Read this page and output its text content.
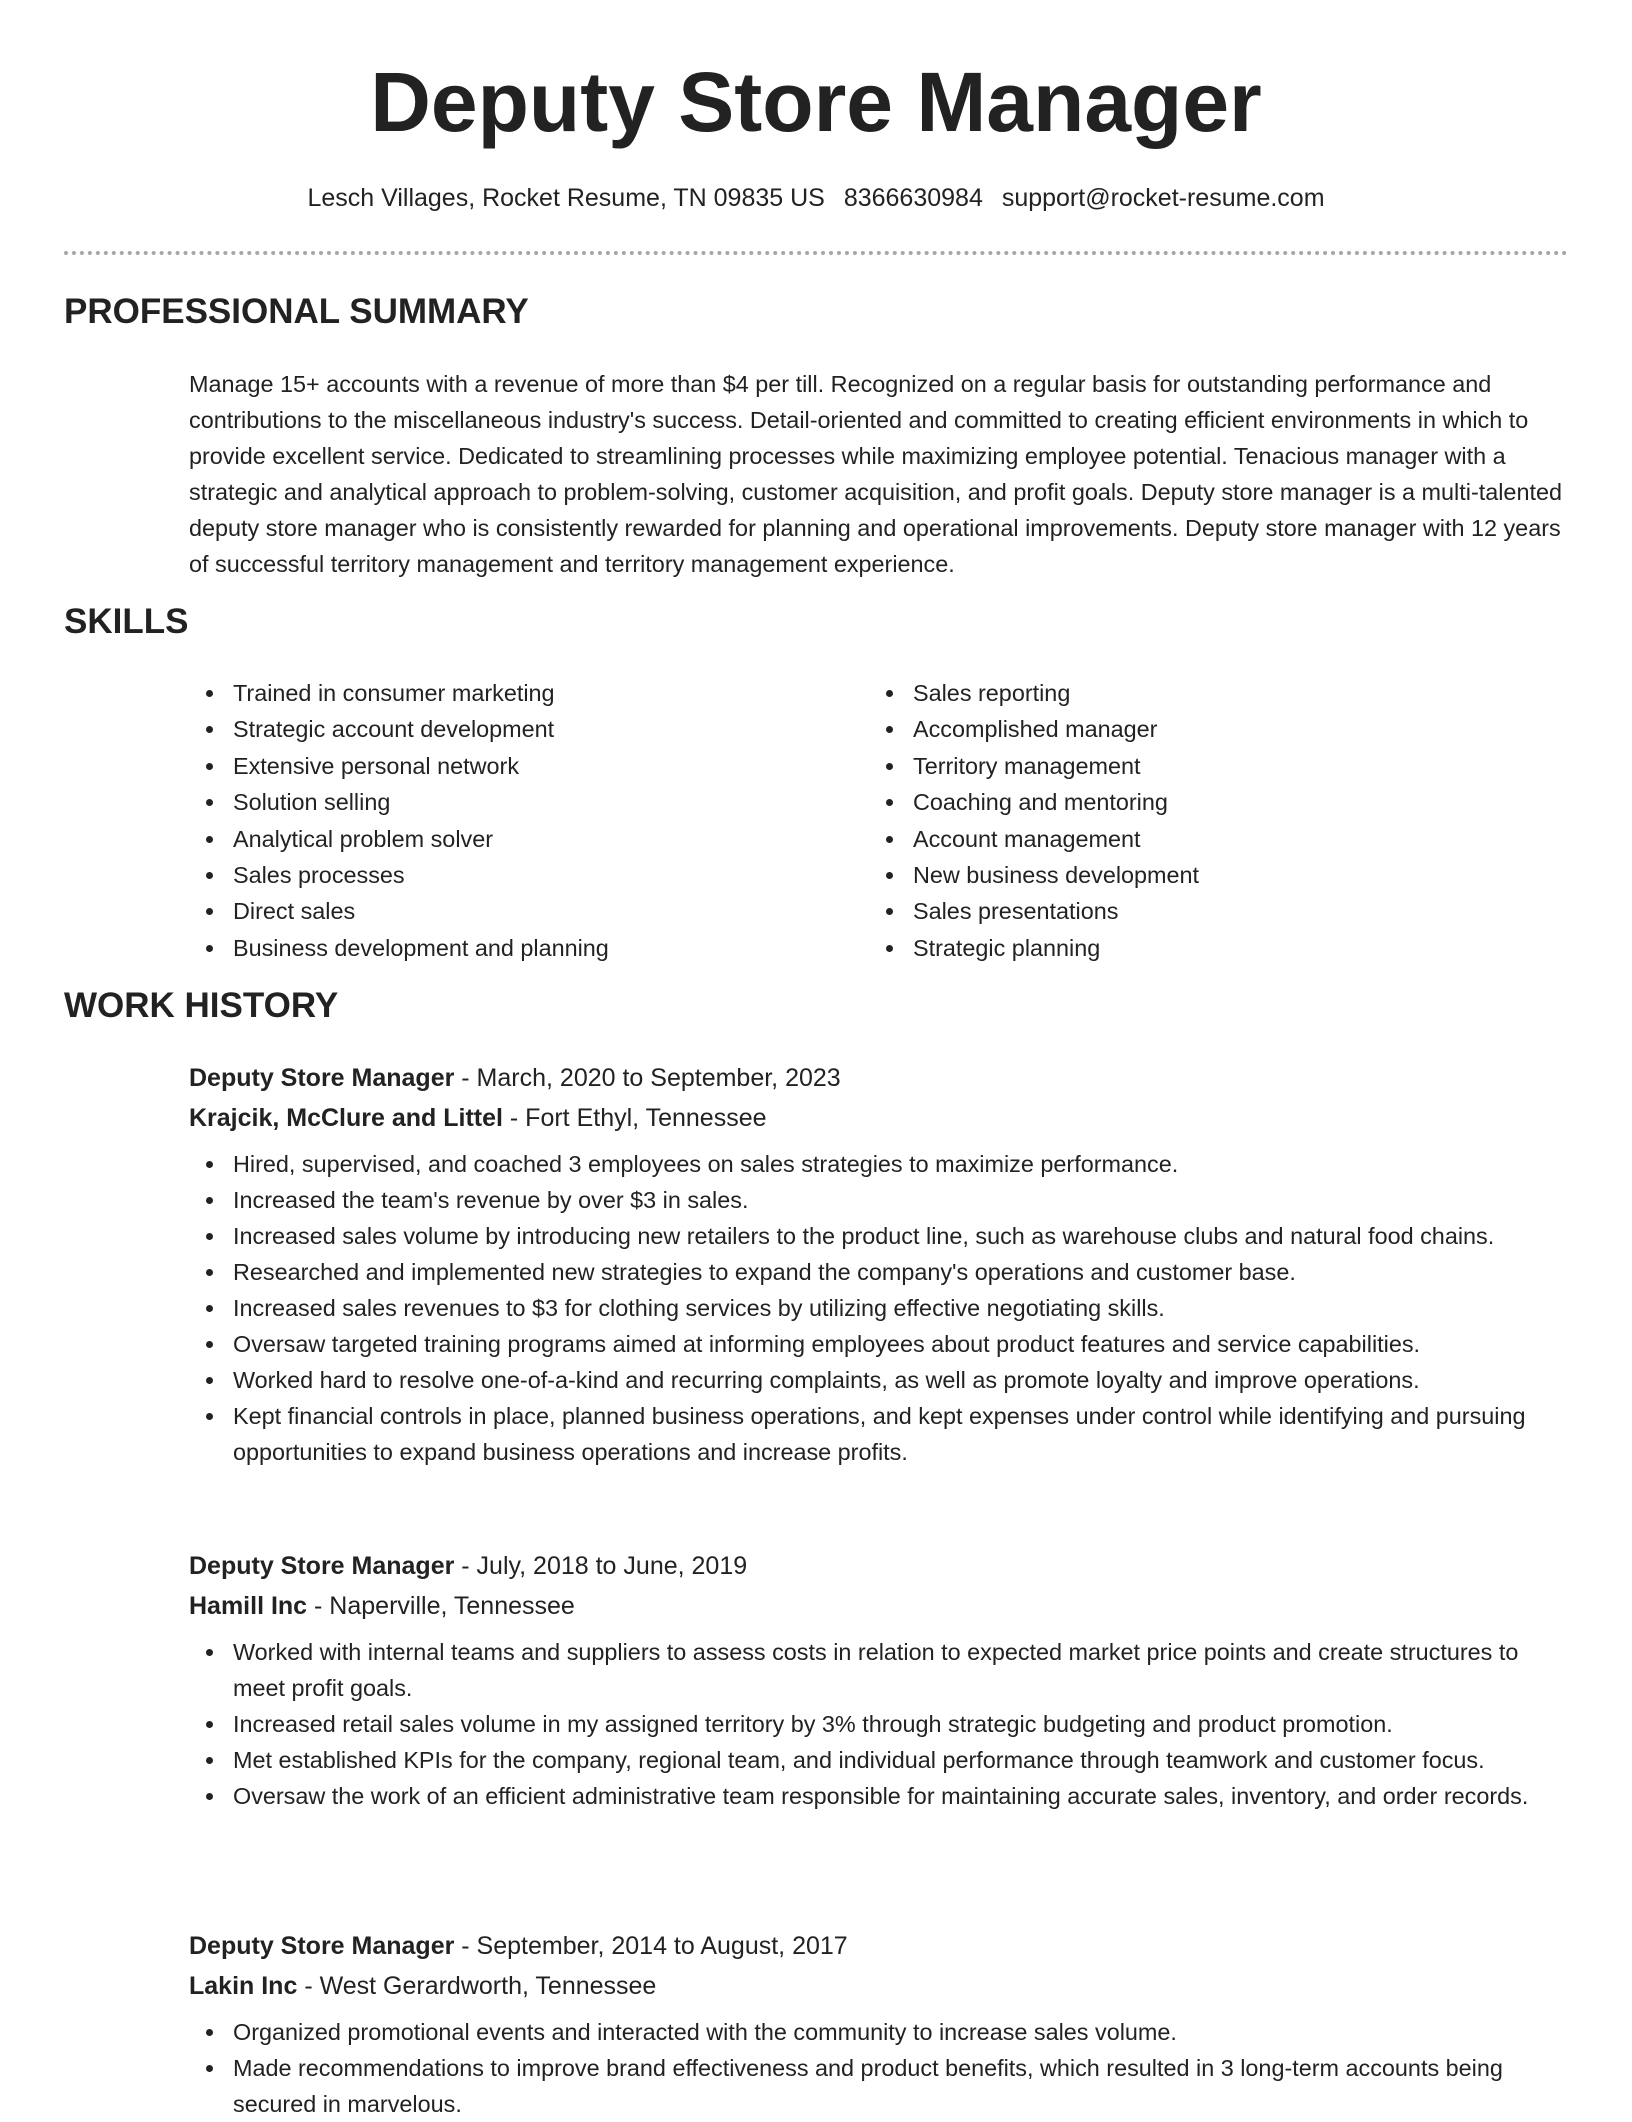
Deputy Store Manager
Lesch Villages, Rocket Resume, TN 09835 US 8366630984 support@rocket-resume.com
PROFESSIONAL SUMMARY

Manage 15+ accounts with a revenue of more than $4 per till. Recognized on a regular basis for outstanding performance and contributions to the miscellaneous industry's success. Detail-oriented and committed to creating efficient environments in which to provide excellent service. Dedicated to streamlining processes while maximizing employee potential. Tenacious manager with a strategic and analytical approach to problem-solving, customer acquisition, and profit goals. Deputy store manager is a multi-talented deputy store manager who is consistently rewarded for planning and operational improvements. Deputy store manager with 12 years of successful territory management and territory management experience.

SKILLS
Trained in consumer marketing
Strategic account development
Extensive personal network
Solution selling
Analytical problem solver
Sales processes
Direct sales
Business development and planning
Sales reporting
Accomplished manager
Territory management
Coaching and mentoring
Account management
New business development
Sales presentations
Strategic planning
WORK HISTORY
Deputy Store Manager - March, 2020 to September, 2023
Krajcik, McClure and Littel - Fort Ethyl, Tennessee
Hired, supervised, and coached 3 employees on sales strategies to maximize performance.
Increased the team's revenue by over $3 in sales.
Increased sales volume by introducing new retailers to the product line, such as warehouse clubs and natural food chains.
Researched and implemented new strategies to expand the company's operations and customer base.
Increased sales revenues to $3 for clothing services by utilizing effective negotiating skills.
Oversaw targeted training programs aimed at informing employees about product features and service capabilities.
Worked hard to resolve one-of-a-kind and recurring complaints, as well as promote loyalty and improve operations.
Kept financial controls in place, planned business operations, and kept expenses under control while identifying and pursuing opportunities to expand business operations and increase profits.
Deputy Store Manager - July, 2018 to June, 2019
Hamill Inc - Naperville, Tennessee
Worked with internal teams and suppliers to assess costs in relation to expected market price points and create structures to meet profit goals.
Increased retail sales volume in my assigned territory by 3% through strategic budgeting and product promotion.
Met established KPIs for the company, regional team, and individual performance through teamwork and customer focus.
Oversaw the work of an efficient administrative team responsible for maintaining accurate sales, inventory, and order records.
Deputy Store Manager - September, 2014 to August, 2017
Lakin Inc - West Gerardworth, Tennessee
Organized promotional events and interacted with the community to increase sales volume.
Made recommendations to improve brand effectiveness and product benefits, which resulted in 3 long-term accounts being secured in marvelous.
